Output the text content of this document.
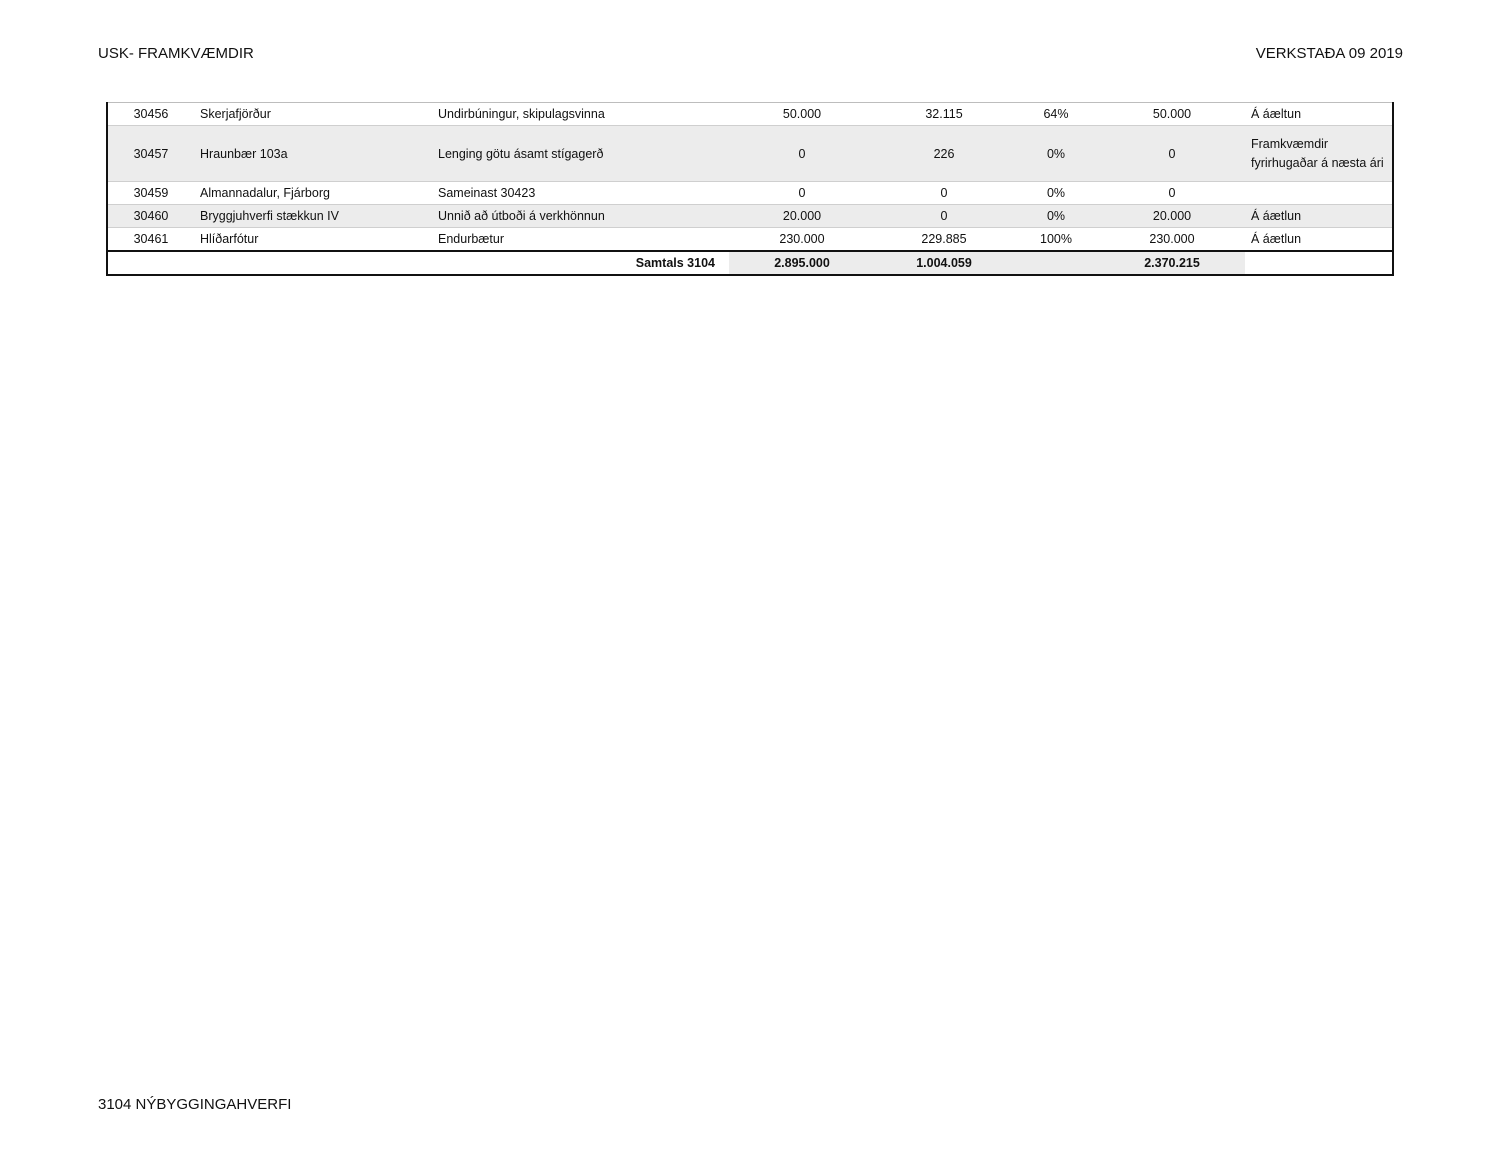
USK- FRAMKVÆMDIR	VERKSTAÐA 09 2019
30456	Skerjafjörður	Undirbúningur, skipulagsvinna	50.000	32.115	64%	50.000	Á áæltun
30457	Hraunbær 103a	Lenging götu ásamt stígagerð	0	226	0%	0	Framkvæmdir fyrirhugaðar á næsta ári
30459	Almannadalur, Fjárborg	Sameinast 30423	0	0	0%	0	
30460	Bryggjuhverfi stækkun IV	Unnið að útboði á verkhönnun	20.000	0	0%	20.000	Á áætlun
30461	Hlíðarfótur	Endurbætur	230.000	229.885	100%	230.000	Á áætlun
Samtals 3104			2.895.000	1.004.059		2.370.215	
3104 NÝBYGGINGAHVERFI
